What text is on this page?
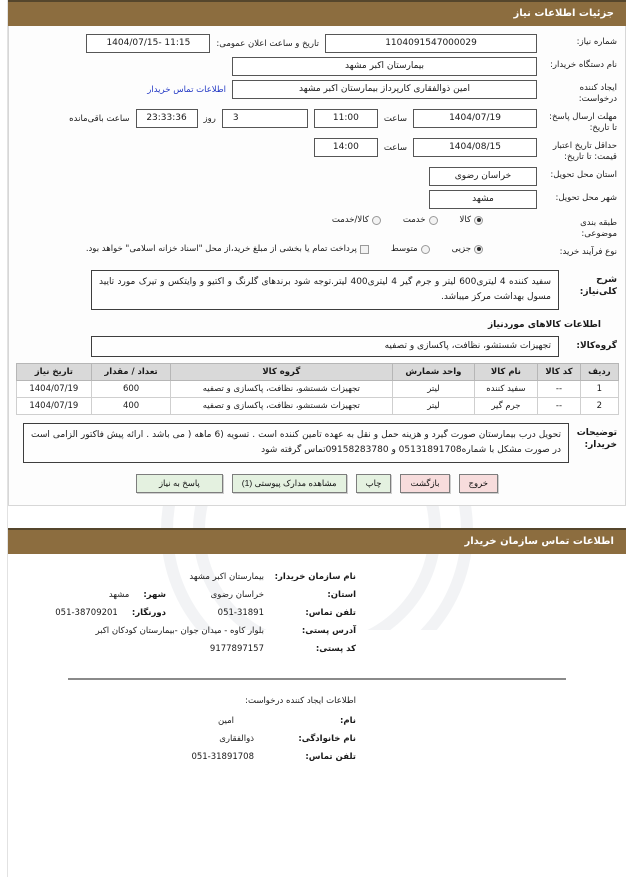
جزئیات اطلاعات نیاز
شماره نیاز:
1104091547000029
تاریخ و ساعت اعلان عمومی:
11:15 -1404/07/15
نام دستگاه خریدار:
بیمارستان اکبر مشهد
ایجاد کننده درخواست:
امین ذوالفقاری کارپرداز بیمارستان اکبر مشهد
اطلاعات تماس خریدار
مهلت ارسال پاسخ: تا تاریخ:
1404/07/19
ساعت
11:00
3
روز
23:33:36
ساعت باقی‌مانده
حداقل تاریخ اعتبار قیمت: تا تاریخ:
1404/08/15
ساعت
14:00
استان محل تحویل:
خراسان رضوی
شهر محل تحویل:
مشهد
طبقه بندی موضوعی:
کالا
خدمت
کالا/خدمت
نوع فرآیند خرید:
جزیی
متوسط
پرداخت تمام یا بخشی از مبلغ خرید،از محل "اسناد خزانه اسلامی" خواهد بود.
شرح کلی‌نیاز:
سفید کننده 4 لیتری600 لیتر و جرم گیر 4 لیتری400 لیتر.توجه شود برندهای گلرنگ و اکتیو و وایتکس و تیرک مورد تایید مسول بهداشت مرکز میباشد.
اطلاعات کالاهای موردنیاز
گروه‌کالا:
تجهیزات شستشو، نظافت، پاکسازی و تصفیه
ردیف	کد کالا	نام کالا	واحد شمارش	گروه کالا	تعداد / مقدار	تاریخ نیاز
1	--	سفید کننده	لیتر	تجهیزات شستشو، نظافت، پاکسازی و تصفیه	600	1404/07/19
2	--	جرم گیر	لیتر	تجهیزات شستشو، نظافت، پاکسازی و تصفیه	400	1404/07/19
توضیحات خریدار:
تحویل درب بیمارستان صورت گیرد و هزینه حمل و نقل به عهده تامین کننده است . تسویه (6 ماهه ( می باشد . ارائه پیش فاکتور الزامی است در صورت مشکل با شماره05131891708 و 09158283780تماس گرفته شود
خروج
بازگشت
چاپ
مشاهده مدارک پیوستی (1)
پاسخ به نیاز
اطلاعات تماس سازمان خریدار
نام سازمان خریدار:
بیمارستان اکبر مشهد
استان:
خراسان رضوی
شهر:
مشهد
تلفن تماس:
051-31891
دورنگار:
051-38709201
آدرس پستی:
بلوار کاوه - میدان جوان -بیمارستان کودکان اکبر
کد پستی:
9177897157
اطلاعات ایجاد کننده درخواست:
نام:
امین
نام خانوادگی:
ذوالفقاری
تلفن تماس:
051-31891708
